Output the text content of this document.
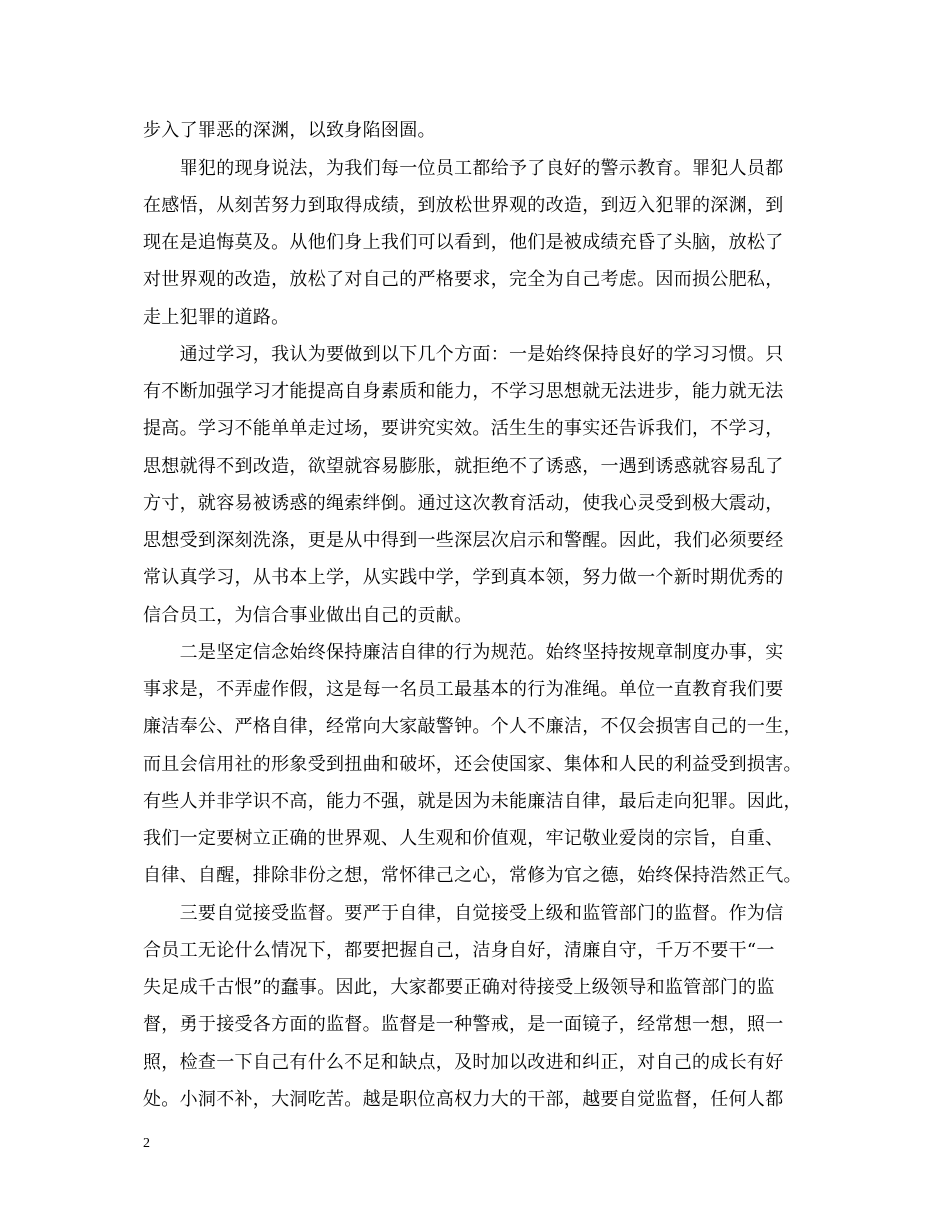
步入了罪恶的深渊，以致身陷囹圄。
　　罪犯的现身说法，为我们每一位员工都给予了良好的警示教育。罪犯人员都
在感悟，从刻苦努力到取得成绩，到放松世界观的改造，到迈入犯罪的深渊，到
现在是追悔莫及。从他们身上我们可以看到，他们是被成绩充昏了头脑，放松了
对世界观的改造，放松了对自己的严格要求，完全为自己考虑。因而损公肥私，
走上犯罪的道路。
　　通过学习，我认为要做到以下几个方面：一是始终保持良好的学习习惯。只
有不断加强学习才能提高自身素质和能力，不学习思想就无法进步，能力就无法
提高。学习不能单单走过场，要讲究实效。活生生的事实还告诉我们，不学习，
思想就得不到改造，欲望就容易膨胀，就拒绝不了诱惑，一遇到诱惑就容易乱了
方寸，就容易被诱惑的绳索绊倒。通过这次教育活动，使我心灵受到极大震动，
思想受到深刻洗涤，更是从中得到一些深层次启示和警醒。因此，我们必须要经
常认真学习，从书本上学，从实践中学，学到真本领，努力做一个新时期优秀的
信合员工，为信合事业做出自己的贡献。
　　二是坚定信念始终保持廉洁自律的行为规范。始终坚持按规章制度办事，实
事求是，不弄虚作假，这是每一名员工最基本的行为准绳。单位一直教育我们要
廉洁奉公、严格自律，经常向大家敲警钟。个人不廉洁，不仅会损害自己的一生，
而且会信用社的形象受到扭曲和破坏，还会使国家、集体和人民的利益受到损害。
有些人并非学识不高，能力不强，就是因为未能廉洁自律，最后走向犯罪。因此，
我们一定要树立正确的世界观、人生观和价值观，牢记敬业爱岗的宗旨，自重、
自律、自醒，排除非份之想，常怀律己之心，常修为官之德，始终保持浩然正气。
　　三要自觉接受监督。要严于自律，自觉接受上级和监管部门的监督。作为信
合员工无论什么情况下，都要把握自己，洁身自好，清廉自守，千万不要干“一
失足成千古恨”的蠢事。因此，大家都要正确对待接受上级领导和监管部门的监
督，勇于接受各方面的监督。监督是一种警戒，是一面镜子，经常想一想，照一
照，检查一下自己有什么不足和缺点，及时加以改进和纠正，对自己的成长有好
处。小洞不补，大洞吃苦。越是职位高权力大的干部，越要自觉监督，任何人都
2
